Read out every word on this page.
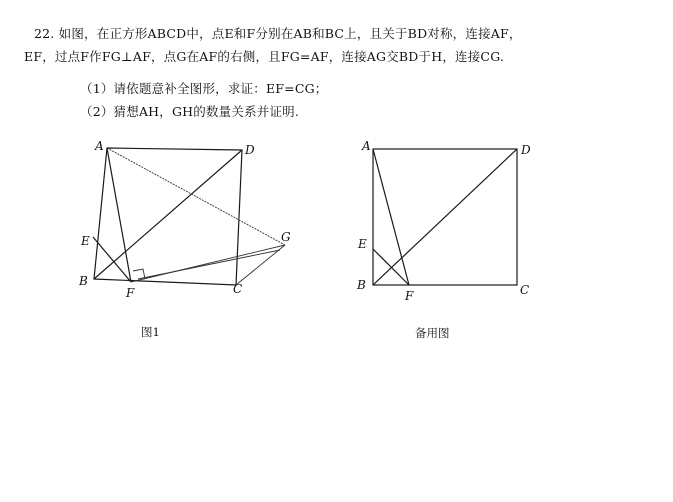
22. 如图，在正方形ABCD中，点E和F分别在AB和BC上，且关于BD对称，连接AF，
EF，过点F作FG⊥AF，点G在AF的右侧，且FG=AF，连接AG交BD于H，连接CG.
（1）请依题意补全图形，求证：EF=CG；
（2）猜想AH，GH的数量关系并证明.
A	D
E
B
F	C
G
A	D
E
B
F	C
图1	备用图
